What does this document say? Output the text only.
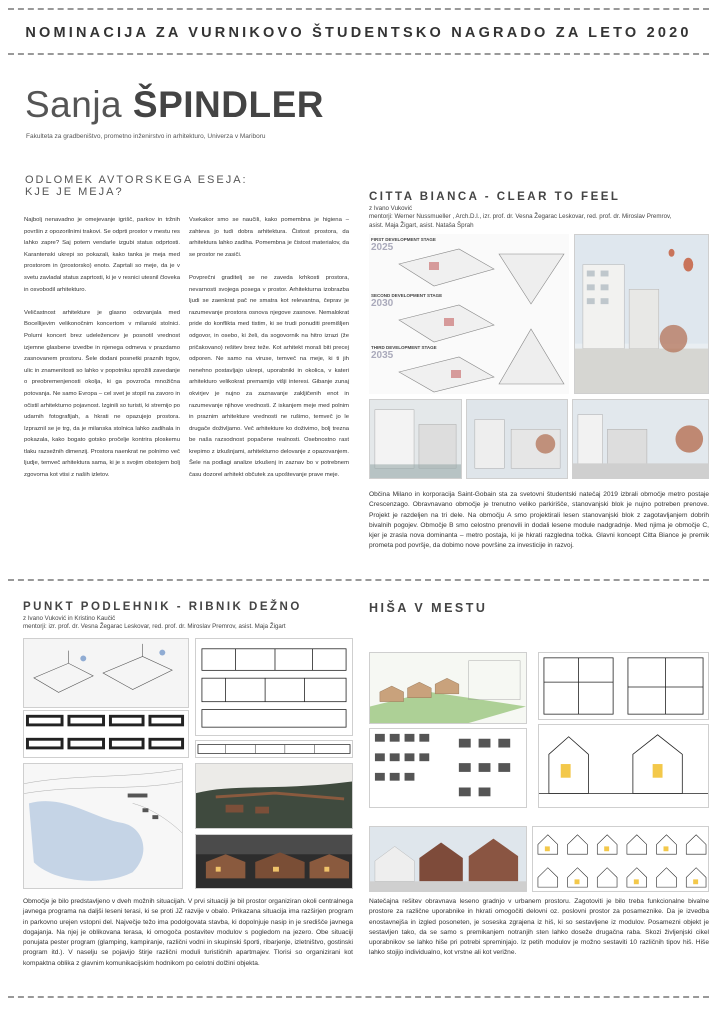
NOMINACIJA ZA VURNIKOVO ŠTUDENTSKO NAGRADO ZA LETO 2020
Sanja ŠPINDLER
Fakulteta za gradbeništvo, prometno inženirstvo in arhitekturo, Univerza v Mariboru
ODLOMEK AVTORSKEGA ESEJA:
KJE JE MEJA?

Najbolj nenavadno je omejevanje igrišč, parkov in tržnih površin z opozorilnimi trakovi. Se odprti prostor v mestu res lahko zapre? Saj potem vendarle izgubi status odprtosti. Karantenski ukrepi so pokazali, kako tanka je meja med prostorom in (prostorsko) enoto. Zaprtali so meje, da je v svetu zavladal status zaprtosti, ki je v resnici utesnil človeka in osvobodil arhitekturo.

Veličastnost arhitekture je glasno odzvanjala med Bocellijevim velikonočnim koncertom v milanski stolnici. Polurni koncert brez udeležencev je posnotil vrednost izjemne glasbene izvedbe in njenega odmeva v prazdamo zasnovanem prostoru. Šele dodani posnetki praznih trgov, ulic in znamenitosti so lahko v popotniku sprožili zavedanje o preobremenjenosti okolja, ki ga povzroča množična potovanja. Ne samo Evropa – cel svet je stopil na zavoro in očistil arhitekturno pojavnost. Izginili so turisti, ki stremijo po udarnih fotografijah, a hkrati ne opazujejo prostora. Izpraznil se je trg, da je milanska stolnica lahko zadihala in pokazala, kako bogato gotsko pročelje kontrira ploskemu tlaku razsežnih dimenzij. Prostora naenkrat ne polnimo več ljudje, temveč arhitektura sama, ki je s svojim obstojem bolj zgovorna kot vtisi z naših izletov.

Vsekakor smo se naučili, kako pomembna je higiena – zahteva jo tudi dobra arhitektura. Čistost prostora, da arhitektura lahko zadiha. Pomembna je čistost materialov, da se prostor ne zasiči.

Povprečni graditelj se ne zaveda krhkosti prostora, nevarnosti svojega posega v prostor. Arhitekturna izobrazba ljudi se zaenkrat pač ne smatra kot relevantna, čeprav je razumevanje prostora osnova njegove zasnove. Nemalokrat pride do konflikta med tistim, ki se trudi ponuditi premišljen odgovor, in osebo, ki želi, da sogovornik na hitro izrazi (že pričakovano) rešitev brez teže. Kot arhitekt moraš biti precej odporen. Ne samo na viruse, temveč na meje, ki ti jih nenehno postavljajo ukrepi, uporabniki in okolica, v kateri arhitekturo velikokrat premamijo višji interesi. Gibanje zunaj okvirjev je nujno za zaznavanje zakljičenih enot in razumevanje njihove vrednosti. Z iskanjem meje med polnim in praznim arhitekture vrednosti ne rušimo, temveč jo le drugače doživljamo. Več arhitekture ko doživimo, bolj trezna be naša razsodnost popačene realnosti. Osebnostno rast krepimo z izkušnjami, arhitekturno delovanje z opazovanjem. Šele na podlagi analize izkušenj in zaznav bo v potrebnem času dozorel arhitekt občutek za upoštevanje prave meje.

CITTA BIANCA - CLEAR TO FEEL
z Ivano Vuković
mentorji: Werner Nussmueller , Arch.D.I., izr. prof. dr. Vesna Žegarac Leskovar, red. prof. dr. Miroslav Premrov,
asist. Maja Žigart, asist. Nataša Šprah
FIRST DEVELOPMENT STAGE
2025
SECOND DEVELOPMENT STAGE
2030
THIRD DEVELOPMENT STAGE
2035
Občina Milano in korporacija Saint-Gobain sta za svetovni študentski natečaj 2019 izbrali območje metro postaje Crescenzago. Obravnavano območje je trenutno veliko parkirišče, stanovanjski blok je nujno potreben prenove. Projekt je razdeljen na tri dele. Na območju A smo projektirali lesen stanovanjski blok z zagotavljanjem dobrih bivalnih pogojev. Območje B smo celostno prenovili in dodali lesene module nadgradnje. Med njima je območje C, kjer je zrasla nova dominanta – metro postaja, ki je hkrati razgledna točka. Glavni koncept Citta Biance je premik prometa pod površje, da dobimo nove površine za investicije in razvoj.
PUNKT PODLEHNIK - RIBNIK DEŽNO
z Ivano Vuković in Kristino Kaučič
mentorji: izr. prof. dr. Vesna Žegarac Leskovar, red. prof. dr. Miroslav Premrov, asist. Maja Žigart
Območje je bilo predstavljeno v dveh možnih situacijah. V prvi situaciji je bil prostor organiziran okoli centralnega javnega programa na daljši leseni terasi, ki se proti JZ razvije v obalo. Prikazana situacija ima razširjen program in parkovno urejen vstopni del. Največje težo ima podolgovata stavba, ki dopolnjuje nasip in je središče javnega dogajanja. Na njej je oblikovana terasa, ki omogoča postavitev modulov s pogledom na jezero. Obe situaciji ponujata pester program (glamping, kampiranje, različni vodni in skupinski športi, ribarjenje, izletništvo, gostinski program itd.). V naselju se pojavijo štirje različni moduli turističnih apartmajev. Tlorisi so organizirani kot kompaktna oblika z glavnim komunikacijskim hodnikom po celotni dolžini objekta.
HIŠA V MESTU
Natečajna rešitev obravnava leseno gradnjo v urbanem prostoru. Zagotoviti je bilo treba funkcionalne bivalne prostore za različne uporabnike in hkrati omogočiti delovni oz. poslovni prostor za posameznike. Da je izvedba enostavnejša in izgled posoneten, je soseska zgrajena iz hiš, ki so sestavljene iz modulov. Posamezni objekt je sestavljen tako, da se samo s premikanjem notranjih sten lahko doseže drugačna raba. Skozi življenjski cikel uporabnikov se lahko hiše pri potrebi spreminjajo. Iz petih modulov je možno sestaviti 10 različnih tipov hiš. Hiše lahko stojijo individualno, kot vrstne ali kot verižne.
